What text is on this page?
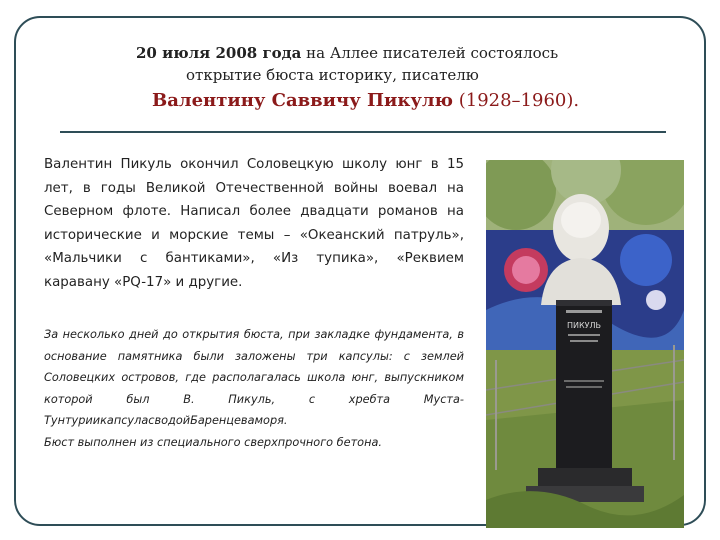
20 июля 2008 года на Аллее писателей состоялось
открытие бюста историку, писателю
Валентину Саввичу Пикулю (1928–1960).
Валентин Пикуль окончил Соловецкую школу юнг в 15 лет, в годы Великой Отечественной войны воевал на Северном флоте. Написал более двадцати романов на исторические и морские темы – «Океанский патруль», «Мальчики с бантиками», «Из тупика», «Реквием каравану «PQ-17» и другие.
За несколько дней до открытия бюста, при закладке фундамента, в основание памятника были заложены три капсулы: с землей Соловецких островов, где располагалась школа юнг, выпускником которой был В. Пикуль, с хребта Муста-ТунтуриикапсуласводойБаренцеваморя.
Бюст выполнен из специального сверхпрочного бетона.
ПИКУЛЬ
